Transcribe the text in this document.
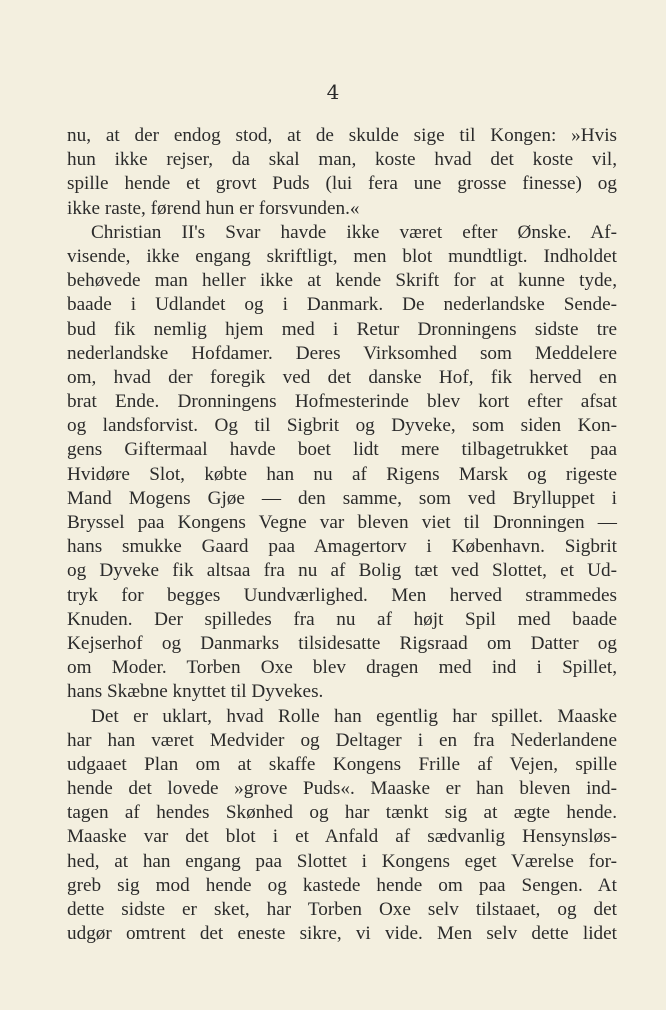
4
nu, at der endog stod, at de skulde sige til Kongen: »Hvis
hun ikke rejser, da skal man, koste hvad det koste vil,
spille hende et grovt Puds (lui fera une grosse finesse) og
ikke raste, førend hun er forsvunden.«
Christian II's Svar havde ikke været efter Ønske. Af-
visende, ikke engang skriftligt, men blot mundtligt. Indholdet
behøvede man heller ikke at kende Skrift for at kunne tyde,
baade i Udlandet og i Danmark. De nederlandske Sende-
bud fik nemlig hjem med i Retur Dronningens sidste tre
nederlandske Hofdamer. Deres Virksomhed som Meddelere
om, hvad der foregik ved det danske Hof, fik herved en
brat Ende. Dronningens Hofmesterinde blev kort efter afsat
og landsforvist. Og til Sigbrit og Dyveke, som siden Kon-
gens Giftermaal havde boet lidt mere tilbagetrukket paa
Hvidøre Slot, købte han nu af Rigens Marsk og rigeste
Mand Mogens Gjøe — den samme, som ved Brylluppet i
Bryssel paa Kongens Vegne var bleven viet til Dronningen —
hans smukke Gaard paa Amagertorv i København. Sigbrit
og Dyveke fik altsaa fra nu af Bolig tæt ved Slottet, et Ud-
tryk for begges Uundværlighed. Men herved strammedes
Knuden. Der spilledes fra nu af højt Spil med baade
Kejserhof og Danmarks tilsidesatte Rigsraad om Datter og
om Moder. Torben Oxe blev dragen med ind i Spillet,
hans Skæbne knyttet til Dyvekes.
Det er uklart, hvad Rolle han egentlig har spillet. Maaske
har han været Medvider og Deltager i en fra Nederlandene
udgaaet Plan om at skaffe Kongens Frille af Vejen, spille
hende det lovede »grove Puds«. Maaske er han bleven ind-
tagen af hendes Skønhed og har tænkt sig at ægte hende.
Maaske var det blot i et Anfald af sædvanlig Hensynsløs-
hed, at han engang paa Slottet i Kongens eget Værelse for-
greb sig mod hende og kastede hende om paa Sengen. At
dette sidste er sket, har Torben Oxe selv tilstaaet, og det
udgør omtrent det eneste sikre, vi vide. Men selv dette lidet
